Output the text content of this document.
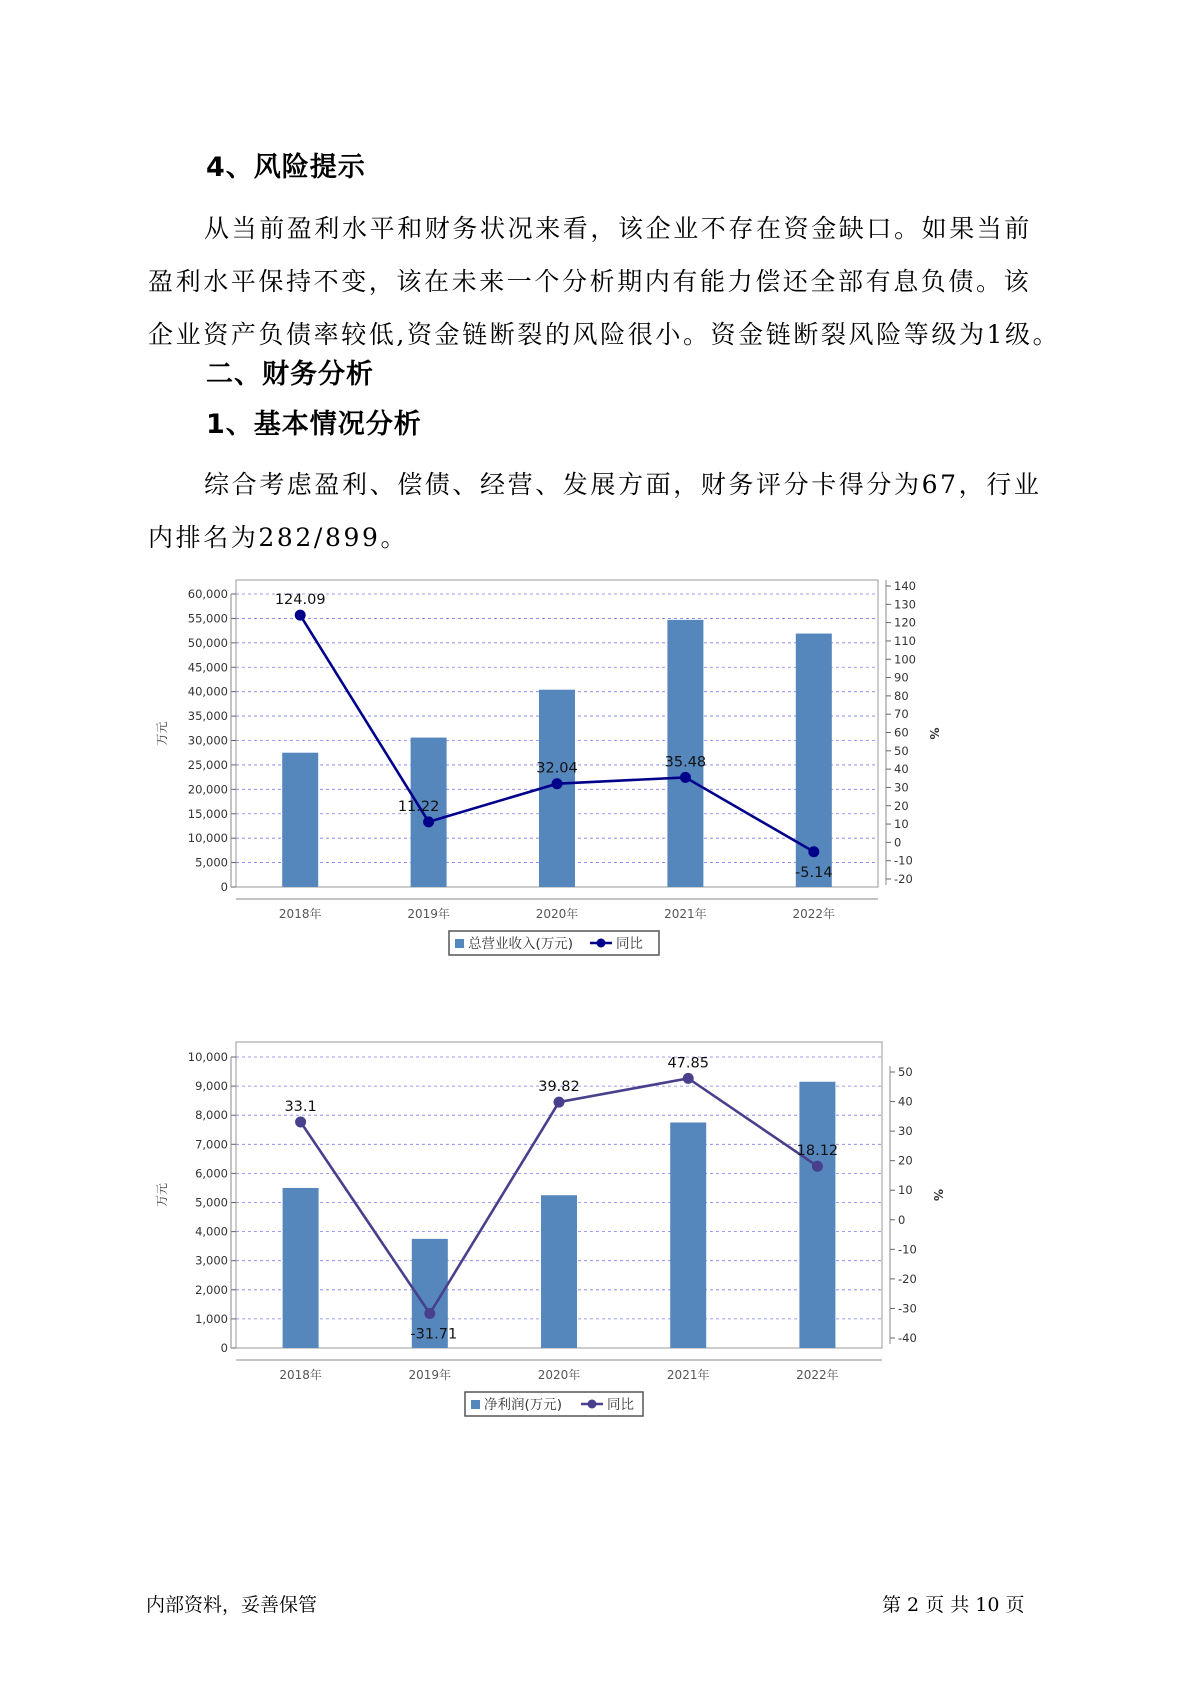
4、风险提示

从当前盈利水平和财务状况来看，该企业不存在资金缺口。如果当前
盈利水平保持不变，该在未来一个分析期内有能力偿还全部有息负债。该
企业资产负债率较低,资金链断裂的风险很小。资金链断裂风险等级为1级。

二、财务分析
1、基本情况分析

综合考虑盈利、偿债、经营、发展方面，财务评分卡得分为67，行业
内排名为282/899。

0
5,000
10,000
15,000
20,000
25,000
30,000
35,000
40,000
45,000
50,000
55,000
60,000
万元
-20
-10
0
10
20
30
40
50
60
70
80
90
100
110
120
130
140
%
2018年	2019年	2020年	2021年	2022年
124.09
11.22
32.04	35.48
-5.14
总营业收入(万元)	同比
0
1,000
2,000
3,000
4,000
5,000
6,000
7,000
8,000
9,000
10,000
万元
-40
-30
-20
-10
0
10
20
30
40
50
%
2018年	2019年	2020年	2021年	2022年
33.1
-31.71
39.82
47.85
18.12
净利润(万元)	同比
内部资料，妥善保管	第 2 页 共 10 页
